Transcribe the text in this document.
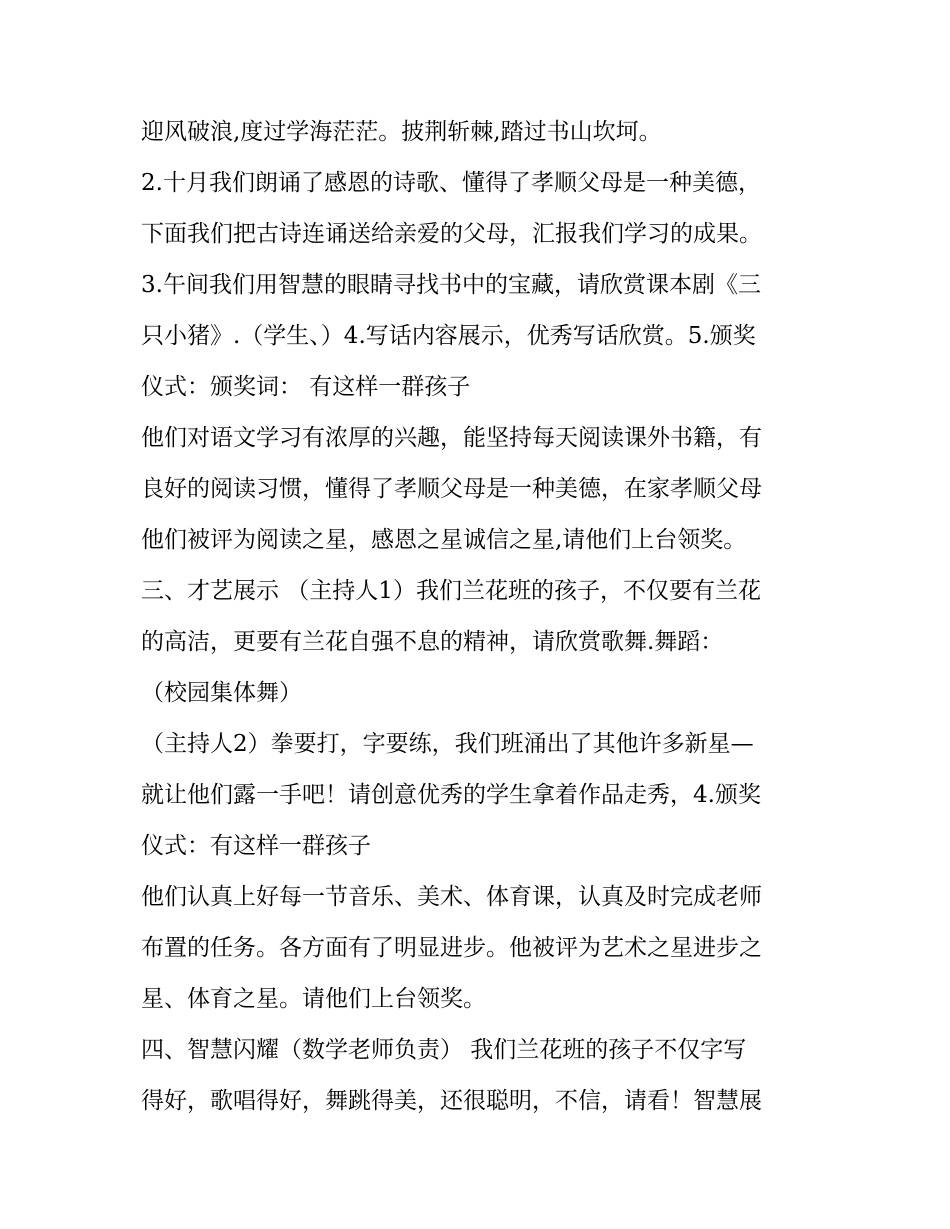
迎风破浪,度过学海茫茫。披荆斩棘,踏过书山坎坷。
2.十月我们朗诵了感恩的诗歌、懂得了孝顺父母是一种美德，
下面我们把古诗连诵送给亲爱的父母，汇报我们学习的成果。
3.午间我们用智慧的眼睛寻找书中的宝藏，请欣赏课本剧《三
只小猪》.（学生、）4.写话内容展示，优秀写话欣赏。5.颁奖
仪式：颁奖词： 有这样一群孩子
他们对语文学习有浓厚的兴趣，能坚持每天阅读课外书籍，有
良好的阅读习惯，懂得了孝顺父母是一种美德，在家孝顺父母
他们被评为阅读之星，感恩之星诚信之星,请他们上台领奖。
三、才艺展示 （主持人1）我们兰花班的孩子，不仅要有兰花
的高洁，更要有兰花自强不息的精神，请欣赏歌舞.舞蹈：
（校园集体舞）
（主持人2）拳要打，字要练，我们班涌出了其他许多新星—
就让他们露一手吧！请创意优秀的学生拿着作品走秀，4.颁奖
仪式：有这样一群孩子
他们认真上好每一节音乐、美术、体育课，认真及时完成老师
布置的任务。各方面有了明显进步。他被评为艺术之星进步之
星、体育之星。请他们上台领奖。
四、智慧闪耀（数学老师负责） 我们兰花班的孩子不仅字写
得好，歌唱得好，舞跳得美，还很聪明，不信，请看！智慧展
